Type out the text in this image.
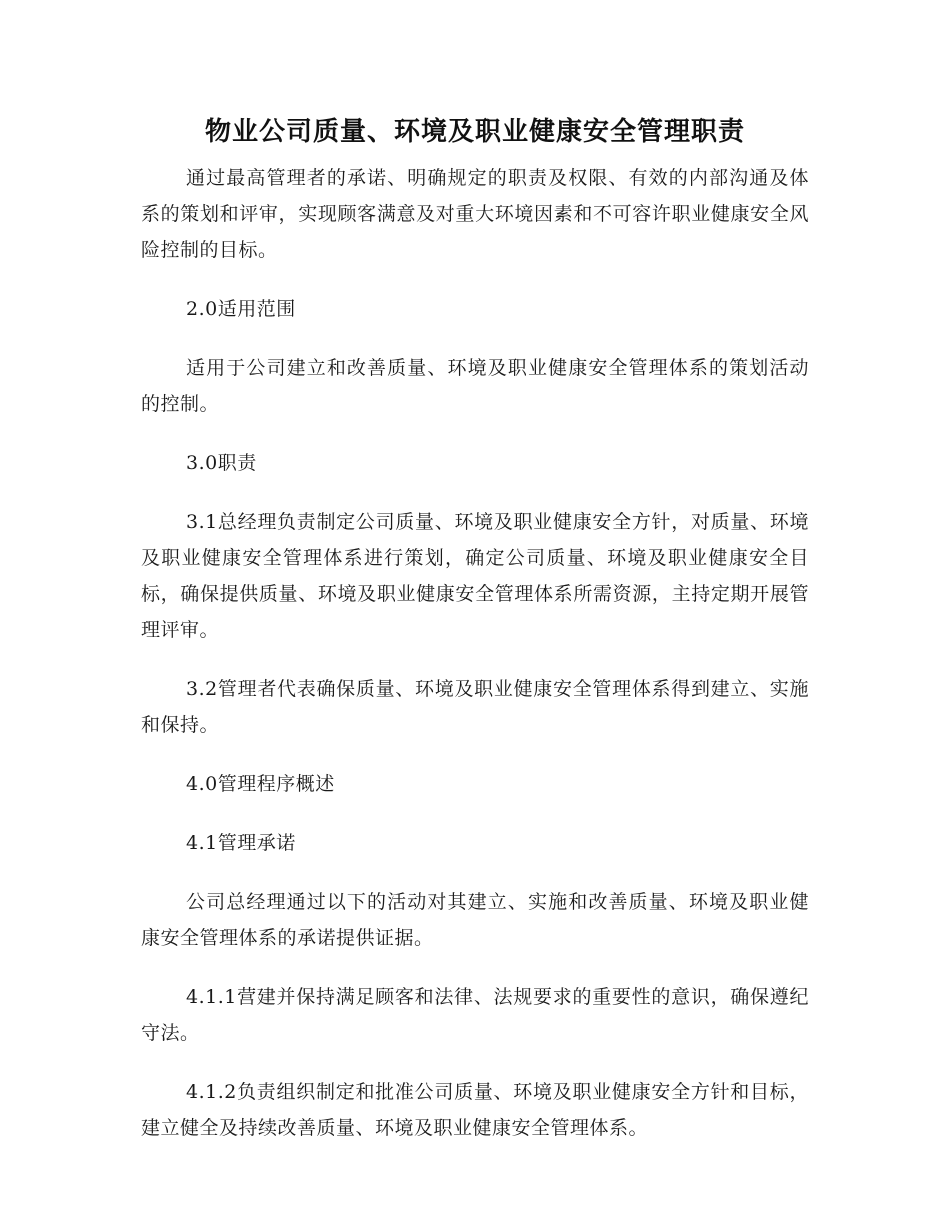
物业公司质量、环境及职业健康安全管理职责

通过最高管理者的承诺、明确规定的职责及权限、有效的内部沟通及体系的策划和评审，实现顾客满意及对重大环境因素和不可容许职业健康安全风险控制的目标。

2.0适用范围

适用于公司建立和改善质量、环境及职业健康安全管理体系的策划活动的控制。

3.0职责

3.1总经理负责制定公司质量、环境及职业健康安全方针，对质量、环境及职业健康安全管理体系进行策划，确定公司质量、环境及职业健康安全目标，确保提供质量、环境及职业健康安全管理体系所需资源，主持定期开展管理评审。

3.2管理者代表确保质量、环境及职业健康安全管理体系得到建立、实施和保持。

4.0管理程序概述

4.1管理承诺

公司总经理通过以下的活动对其建立、实施和改善质量、环境及职业健康安全管理体系的承诺提供证据。

4.1.1营建并保持满足顾客和法律、法规要求的重要性的意识，确保遵纪守法。

4.1.2负责组织制定和批准公司质量、环境及职业健康安全方针和目标，建立健全及持续改善质量、环境及职业健康安全管理体系。
